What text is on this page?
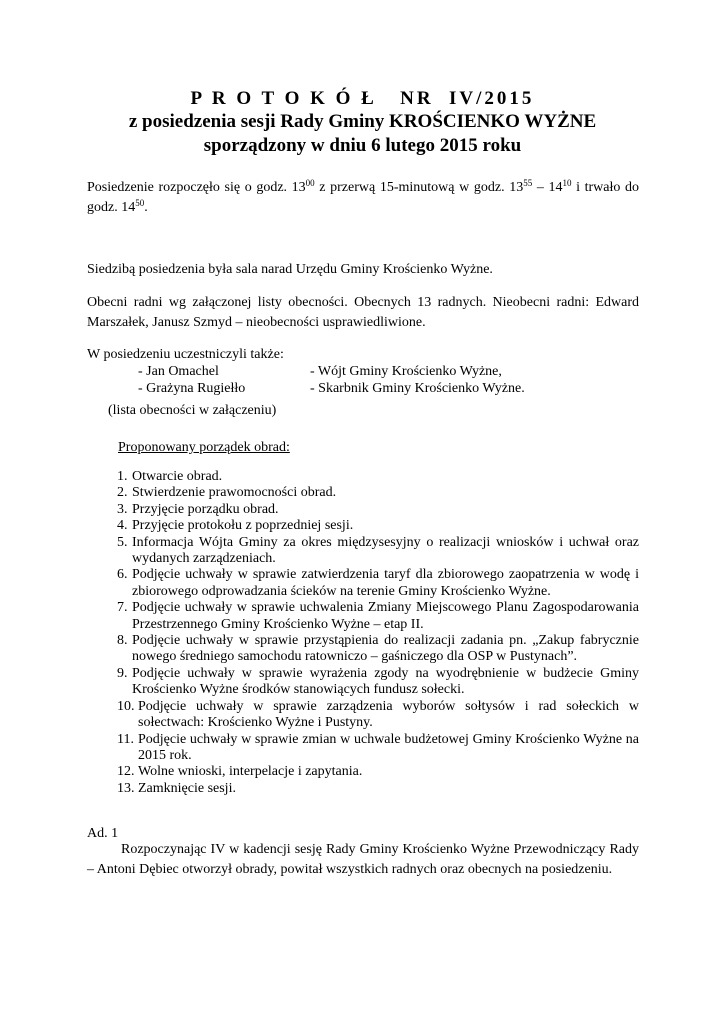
P R O T O K Ó Ł   NR  IV/2015
z posiedzenia sesji Rady Gminy KROŚCIENKO WYŻNE
sporządzony w dniu 6 lutego 2015 roku

Posiedzenie rozpoczęło się o godz. $13^{00}$ z przerwą 15-minutową w godz. $13^{55} - 14^{10}$ i trwało do godz. $14^{50}$.

Siedzibą posiedzenia była sala narad Urzędu Gminy Krościenko Wyżne.

Obecni radni wg załączonej listy obecności. Obecnych 13 radnych. Nieobecni radni: Edward Marszałek, Janusz Szmyd – nieobecności usprawiedliwione.

W posiedzeniu uczestniczyli także:
- Jan Omachel	- Wójt Gminy Krościenko Wyżne,
- Grażyna Rugiełło	- Skarbnik Gminy Krościenko Wyżne.
(lista obecności w załączeniu)
Proponowany porządek obrad:
1. Otwarcie obrad.
2. Stwierdzenie prawomocności obrad.
3. Przyjęcie porządku obrad.
4. Przyjęcie protokołu z poprzedniej sesji.
5. Informacja Wójta Gminy za okres międzysesyjny o realizacji wniosków i uchwał oraz wydanych zarządzeniach.
6. Podjęcie uchwały w sprawie zatwierdzenia taryf dla zbiorowego zaopatrzenia w wodę i zbiorowego odprowadzania ścieków na terenie Gminy Krościenko Wyżne.
7. Podjęcie uchwały w sprawie uchwalenia Zmiany Miejscowego Planu Zagospodarowania Przestrzennego Gminy Krościenko Wyżne – etap II.
8. Podjęcie uchwały w sprawie przystąpienia do realizacji zadania pn. „Zakup fabrycznie nowego średniego samochodu ratowniczo – gaśniczego dla OSP w Pustynach”.
9. Podjęcie uchwały w sprawie wyrażenia zgody na wyodrębnienie w budżecie Gminy Krościenko Wyżne środków stanowiących fundusz sołecki.
10. Podjęcie uchwały w sprawie zarządzenia wyborów sołtysów i rad sołeckich w sołectwach: Krościenko Wyżne i Pustyny.
11. Podjęcie uchwały w sprawie zmian w uchwale budżetowej Gminy Krościenko Wyżne na 2015 rok.
12. Wolne wnioski, interpelacje i zapytania.
13. Zamknięcie sesji.
Ad. 1

Rozpoczynając IV w kadencji sesję Rady Gminy Krościenko Wyżne Przewodniczący Rady – Antoni Dębiec otworzył obrady, powitał wszystkich radnych oraz obecnych na posiedzeniu.
